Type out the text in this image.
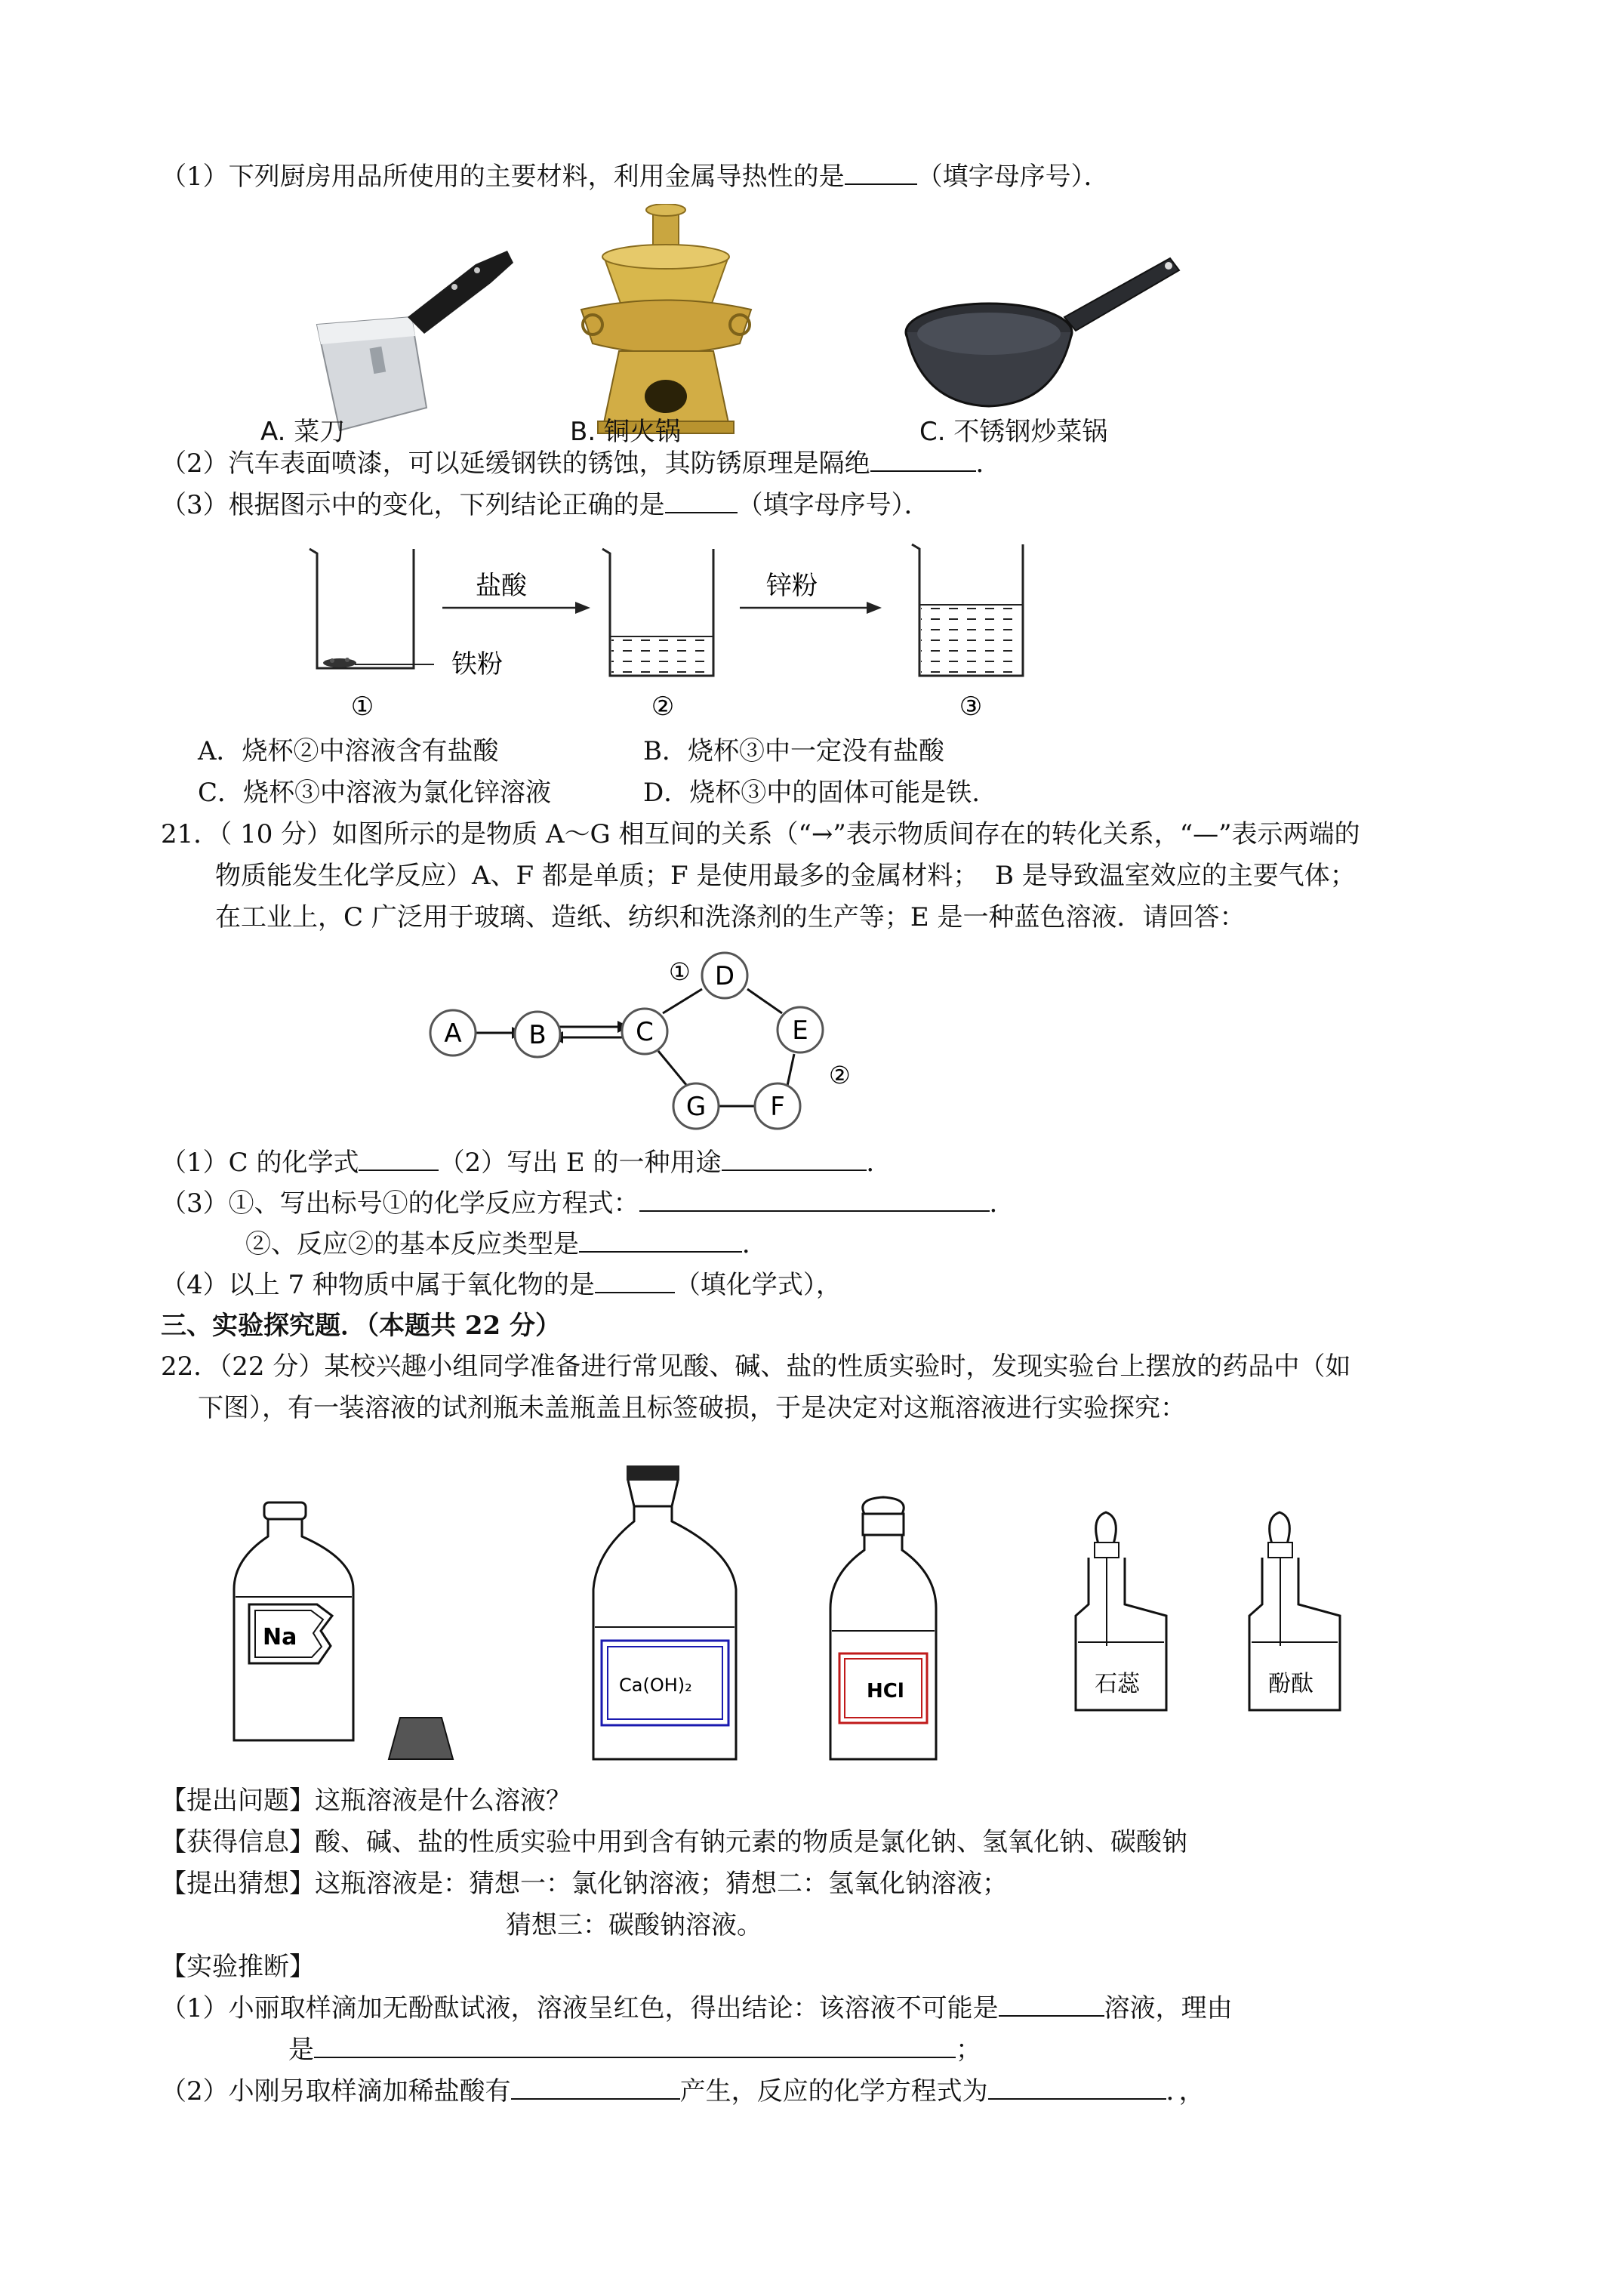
（1）下列厨房用品所使用的主要材料，利用金属导热性的是	（填字母序号）．
A. 菜刀	B. 铜火锅	C. 不锈钢炒菜锅
（2）汽车表面喷漆，可以延缓钢铁的锈蚀，其防锈原理是隔绝	．
（3）根据图示中的变化，下列结论正确的是	（填字母序号）．
铁粉
①
盐酸
②
锌粉
③
A．烧杯②中溶液含有盐酸	B．烧杯③中一定没有盐酸
C．烧杯③中溶液为氯化锌溶液	D．烧杯③中的固体可能是铁.
21．（ 10 分）如图所示的是物质 A～G 相互间的关系（“→”表示物质间存在的转化关系，“—”表示两端的
物质能发生化学反应）A、F 都是单质；F 是使用最多的金属材料；  B 是导致温室效应的主要气体；
在工业上，C 广泛用于玻璃、造纸、纺织和洗涤剂的生产等；E 是一种蓝色溶液．请回答：
A	B	C
D
E
F
G
①
②
（1）C 的化学式	（2）写出 E 的一种用途	．
（3）①、写出标号①的化学反应方程式：	．
②、反应②的基本反应类型是	．
（4）以上 7 种物质中属于氧化物的是	（填化学式），
三、实验探究题．（本题共 22 分）
22．（22 分）某校兴趣小组同学准备进行常见酸、碱、盐的性质实验时，发现实验台上摆放的药品中（如
下图），有一装溶液的试剂瓶未盖瓶盖且标签破损，于是决定对这瓶溶液进行实验探究：
Na
Ca(OH)₂	HCl	石蕊	酚酞
【提出问题】这瓶溶液是什么溶液？
【获得信息】酸、碱、盐的性质实验中用到含有钠元素的物质是氯化钠、氢氧化钠、碳酸钠
【提出猜想】这瓶溶液是：猜想一：氯化钠溶液；猜想二：氢氧化钠溶液；
猜想三：碳酸钠溶液。
【实验推断】
（1）小丽取样滴加无酚酞试液，溶液呈红色，得出结论：该溶液不可能是	溶液，理由
是	；
（2）小刚另取样滴加稀盐酸有	产生，反应的化学方程式为	．，
